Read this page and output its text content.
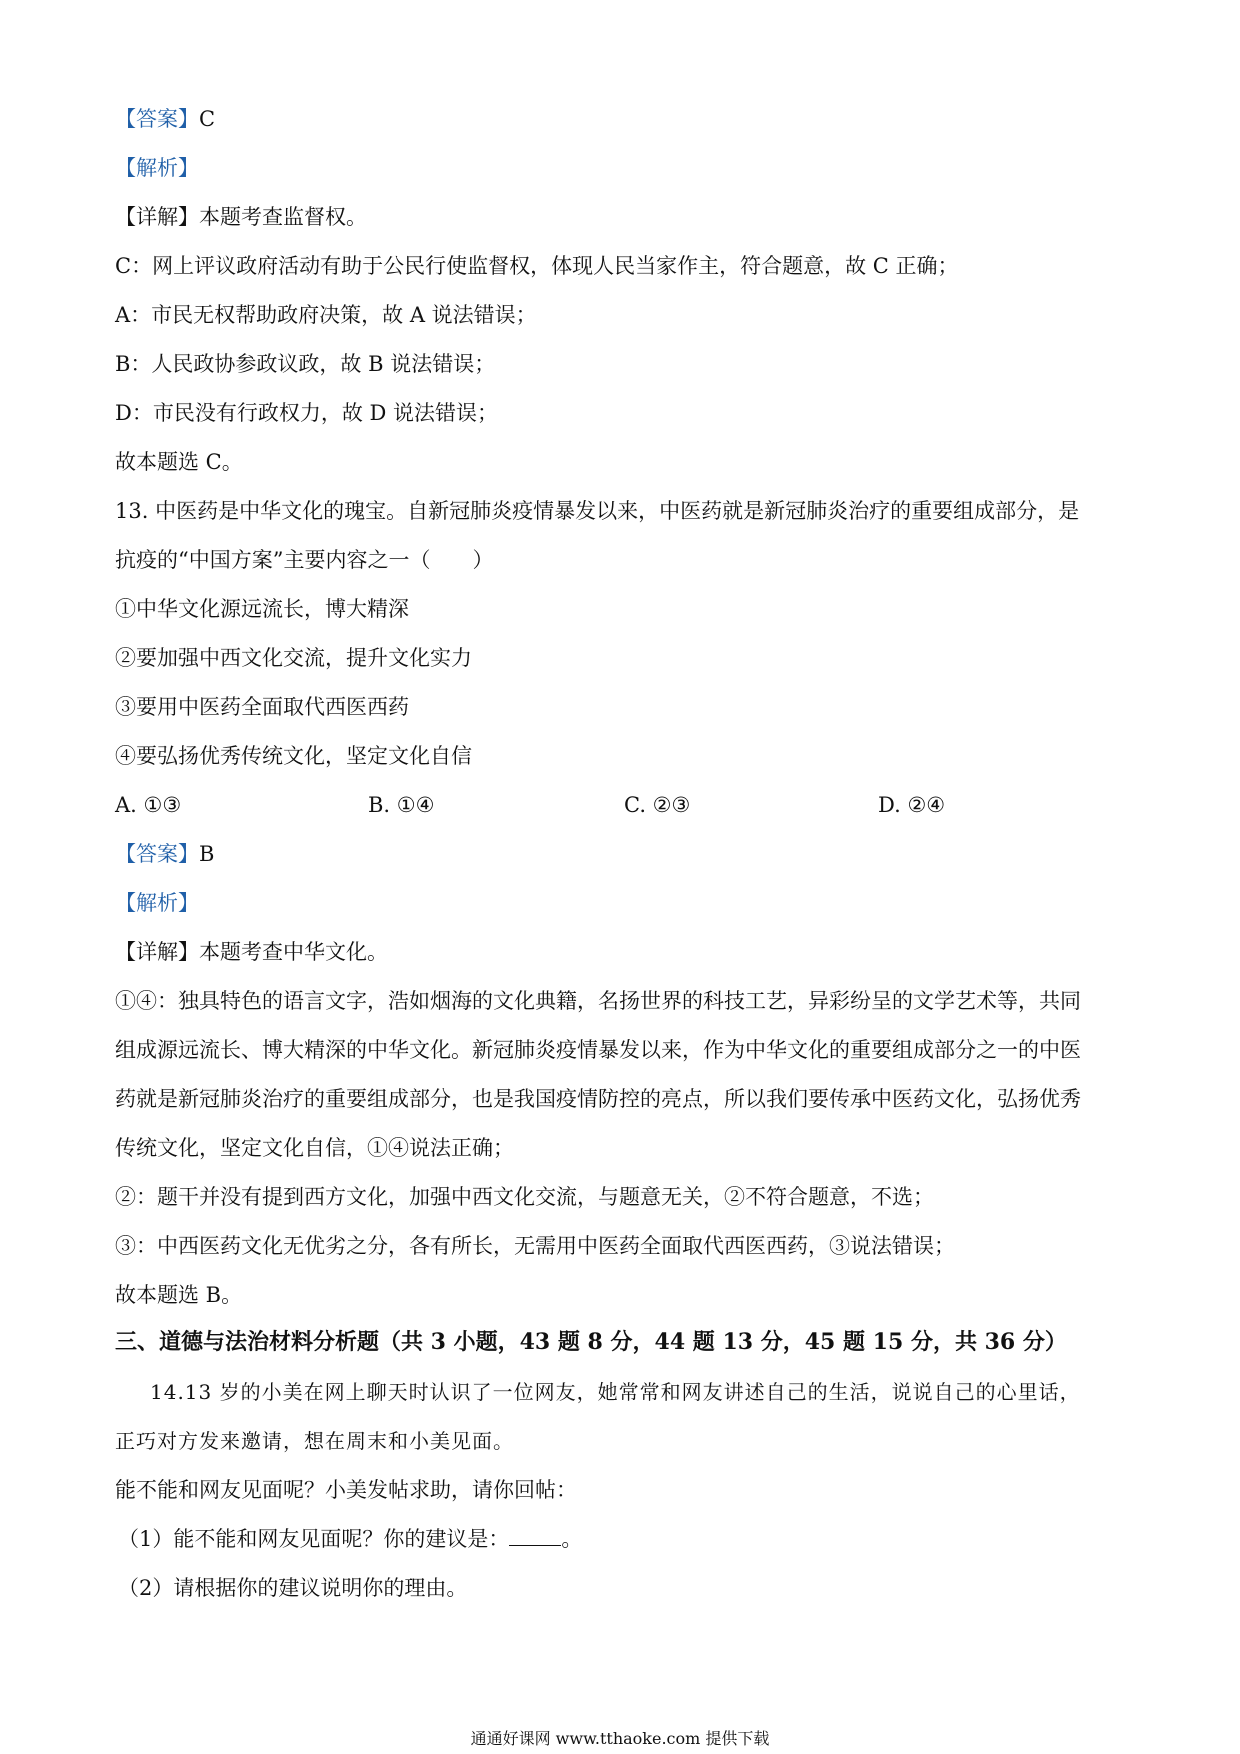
【答案】C
【解析】
【详解】本题考查监督权。
C：网上评议政府活动有助于公民行使监督权，体现人民当家作主，符合题意，故 C 正确；
A：市民无权帮助政府决策，故 A 说法错误；
B：人民政协参政议政，故 B 说法错误；
D：市民没有行政权力，故 D 说法错误；
故本题选 C。
13. 中医药是中华文化的瑰宝。自新冠肺炎疫情暴发以来，中医药就是新冠肺炎治疗的重要组成部分，是
抗疫的“中国方案”主要内容之一（　　）
①中华文化源远流长，博大精深
②要加强中西文化交流，提升文化实力
③要用中医药全面取代西医西药
④要弘扬优秀传统文化，坚定文化自信
A. ①③	B. ①④	C. ②③	D. ②④
【答案】B
【解析】
【详解】本题考查中华文化。
①④：独具特色的语言文字，浩如烟海的文化典籍，名扬世界的科技工艺，异彩纷呈的文学艺术等，共同
组成源远流长、博大精深的中华文化。新冠肺炎疫情暴发以来，作为中华文化的重要组成部分之一的中医
药就是新冠肺炎治疗的重要组成部分，也是我国疫情防控的亮点，所以我们要传承中医药文化，弘扬优秀
传统文化，坚定文化自信，①④说法正确；
②：题干并没有提到西方文化，加强中西文化交流，与题意无关，②不符合题意，不选；
③：中西医药文化无优劣之分，各有所长，无需用中医药全面取代西医西药，③说法错误；
故本题选 B。
三、道德与法治材料分析题（共 3 小题，43 题 8 分，44 题 13 分，45 题 15 分，共 36 分）
14.13 岁的小美在网上聊天时认识了一位网友，她常常和网友讲述自己的生活，说说自己的心里话，
正巧对方发来邀请，想在周末和小美见面。
能不能和网友见面呢？小美发帖求助，请你回帖：
（1）能不能和网友见面呢？你的建议是： 。
（2）请根据你的建议说明你的理由。
通通好课网 www.tthaoke.com 提供下载
